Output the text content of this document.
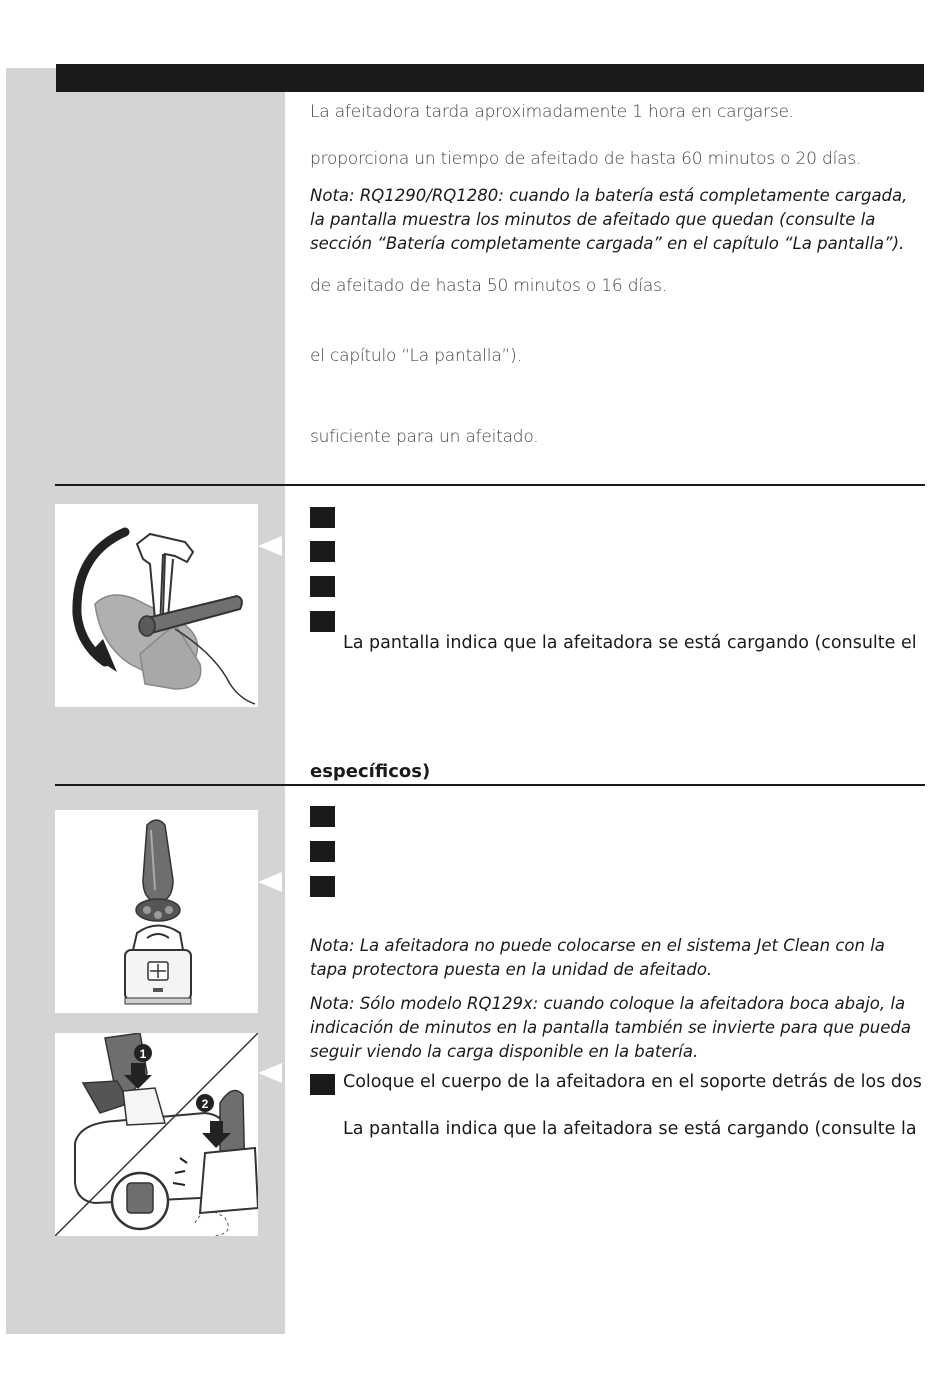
La afeitadora tarda aproximadamente 1 hora en cargarse.
proporciona un tiempo de afeitado de hasta 60 minutos o 20 días.
Nota: RQ1290/RQ1280: cuando la batería está completamente cargada, la pantalla muestra los minutos de afeitado que quedan (consulte la sección “Batería completamente cargada” en el capítulo “La pantalla”).
de afeitado de hasta 50 minutos o 16 días.
el capítulo “La pantalla”).
suficiente para un afeitado.
La pantalla indica que la afeitadora se está cargando (consulte el
específicos)
Nota: La afeitadora no puede colocarse en el sistema Jet Clean con la tapa protectora puesta en la unidad de afeitado.
Nota: Sólo modelo RQ129x: cuando coloque la afeitadora boca abajo, la indicación de minutos en la pantalla también se invierte para que pueda seguir viendo la carga disponible en la batería.
1
2
Coloque el cuerpo de la afeitadora en el soporte detrás de los dos
La pantalla indica que la afeitadora se está cargando (consulte la
